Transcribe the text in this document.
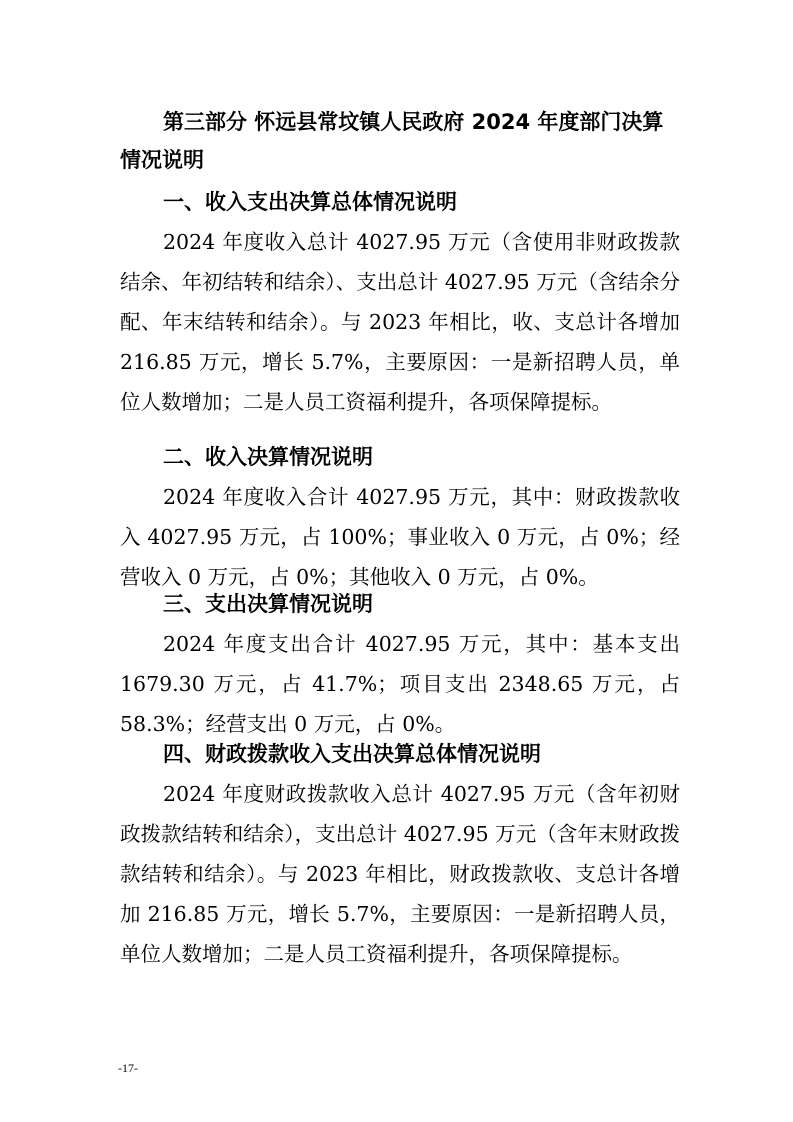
第三部分 怀远县常坟镇人民政府 2024 年度部门决算情况说明
一、收入支出决算总体情况说明

2024 年度收入总计 4027.95 万元（含使用非财政拨款结余、年初结转和结余）、支出总计 4027.95 万元（含结余分配、年末结转和结余）。与 2023 年相比，收、支总计各增加 216.85 万元，增长 5.7%，主要原因：一是新招聘人员，单位人数增加；二是人员工资福利提升，各项保障提标。

二、收入决算情况说明

2024 年度收入合计 4027.95 万元，其中：财政拨款收入 4027.95 万元，占 100%；事业收入 0 万元，占 0%；经营收入 0 万元，占 0%；其他收入 0 万元，占 0%。

三、支出决算情况说明

2024 年度支出合计 4027.95 万元，其中：基本支出 1679.30 万元，占 41.7%；项目支出 2348.65 万元，占 58.3%；经营支出 0 万元，占 0%。

四、财政拨款收入支出决算总体情况说明

2024 年度财政拨款收入总计 4027.95 万元（含年初财政拨款结转和结余），支出总计 4027.95 万元（含年末财政拨款结转和结余）。与 2023 年相比，财政拨款收、支总计各增加 216.85 万元，增长 5.7%，主要原因：一是新招聘人员，单位人数增加；二是人员工资福利提升，各项保障提标。

-17-
